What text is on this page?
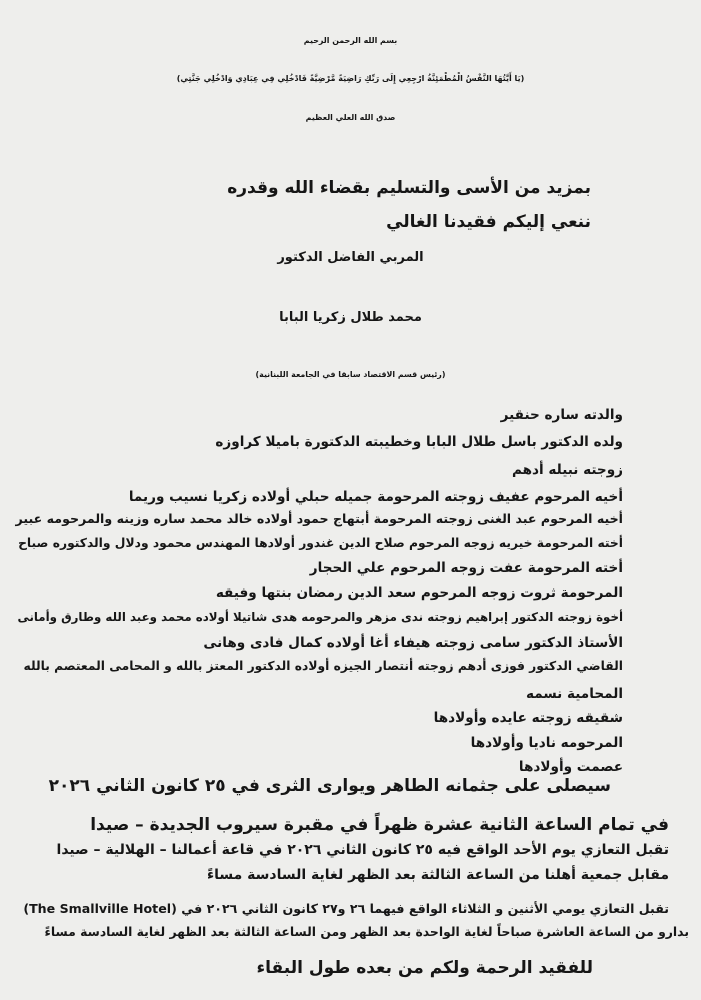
بسم الله الرحمن الرحيم
(يَا أَيَّتُهَا النَّفْسُ الْمُطْمَئِنَّةُ ارْجِعِي إِلَى رَبِّكِ رَاضِيَةً مَّرْضِيَّةً فَادْخُلِي فِي عِبَادِي وَادْخُلِي جَنَّتِي)
صدق الله العلي العظيم
بمزيد من الأسى والتسليم بقضاء الله وقدره
ننعي إليكم فقيدنا الغالي
المربي الفاضل الدكتور
محمد طلال زكريا البابا
(رئيس قسم الاقتصاد سابقا في الجامعة اللبنانية)
والدته ساره حنقير
ولده الدكتور باسل طلال البابا وخطيبته الدكتورة باميلا كراوزه
زوجته نبيله أدهم
أخيه المرحوم عفيف زوجته المرحومة جميله حبلي أولاده زكريا نسيب وريما
أخيه المرحوم عبد الغنى زوجته المرحومة أبتهاج حمود أولاده خالد محمد ساره وزينه والمرحومه عبير
أخته المرحومة خيريه زوجه المرحوم صلاح الدين غندور أولادها المهندس محمود ودلال والدكتوره صباح
أخته المرحومة عفت زوجه المرحوم علي الحجار
المرحومة ثروت زوجه المرحوم سعد الدين رمضان بنتها وفيقه
أخوة زوجته الدكتور إبراهيم زوجته ندى مزهر والمرحومه هدى شاتيلا أولاده محمد وعبد الله وطارق وأمانى
الأستاذ الدكتور سامى زوجته هيفاء أغا أولاده كمال فادى وهانى
القاضي الدكتور فوزى أدهم زوجته أنتصار الجيزه أولاده الدكتور المعتز بالله و المحامى المعتصم بالله
المحامية نسمه
شقيقه زوجته عايده وأولادها
المرحومه ناديا وأولادها
عصمت وأولادها
سيصلى على جثمانه الطاهر ويوارى الثرى في ٢٥ كانون الثاني ٢٠٢٦
في تمام الساعة الثانية عشرة ظهراً في مقبرة سيروب الجديدة – صيدا
تقبل التعازي يوم الأحد الواقع فيه ٢٥ كانون الثاني ٢٠٢٦ في قاعة أعمالنا – الهلالية – صيدا
مقابل جمعية أهلنا من الساعة الثالثة بعد الظهر لغاية السادسة مساءً
تقبل التعازي يومي الأثنين و الثلاثاء الواقع فيهما ٢٦ و٢٧ كانون الثاني ٢٠٢٦ في (The Smallville Hotel)
بدارو من الساعة العاشرة صباحاً لغاية الواحدة بعد الظهر ومن الساعة الثالثة بعد الظهر لغاية السادسة مساءً
للفقيد الرحمة ولكم من بعده طول البقاء
